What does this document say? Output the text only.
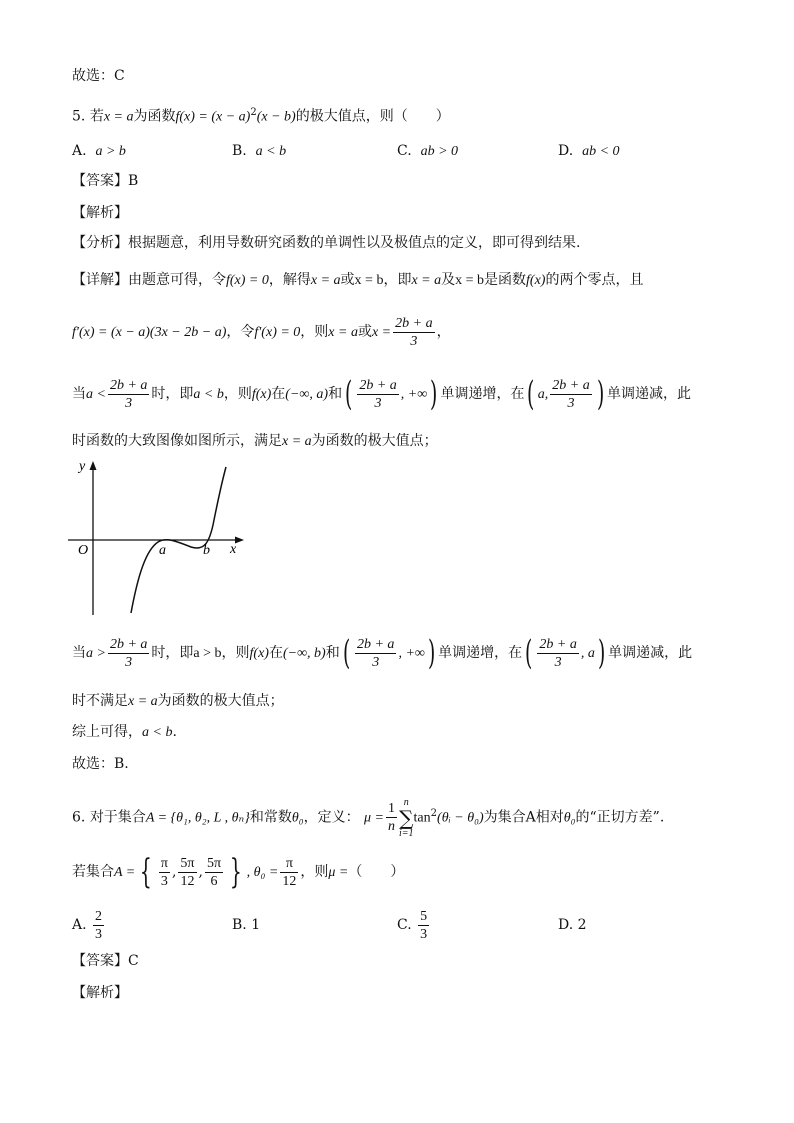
故选：C
5. 若x = a为函数$f(x) = (x - a)^2(x - b)$的极大值点，则（　　）
A. a > b	B. a < b	C. ab > 0	D. ab < 0
【答案】B
【解析】
【分析】根据题意，利用导数研究函数的单调性以及极值点的定义，即可得到结果.
【详解】由题意可得，令f(x) = 0，解得x = a或x = b，即x = a及x = b是函数f(x)的两个零点，且
f′(x) = (x − a)(3x − 2b − a)，令f′(x) = 0，则x = a或$x = \frac{2b + a}{3}$ ，
当$a < \frac{2b + a}{3}$ 时，即a < b，则f(x)在(−∞, a)和( $\frac{2b + a}{3}$ , +∞) 单调递增，在( a, $\frac{2b + a}{3}$ ) 单调递减，此
时函数的大致图像如图所示，满足x = a为函数的极大值点；
y
x
O	a	b
当$a > \frac{2b + a}{3}$ 时，即a > b，则f(x)在(−∞, b)和( $\frac{2b + a}{3}$ , +∞) 单调递增，在( $\frac{2b + a}{3}$ , a) 单调递减，此
时不满足x = a为函数的极大值点；
综上可得，a < b.
故选：B.
6. 对于集合A = {θ₁, θ₂, L , θₙ}和常数θ₀，定义： $\mu = \frac{1}{n}$ n
∑
i=1
$\tan^2(\theta ᵢ - \theta_0)$为集合A相对θ₀的“正切方差”.
若集合A = { $\frac{\pi}{3}$ , $\frac{5\pi}{12}$ , $\frac{5\pi}{6}$ } , $\theta_0 = \frac{\pi}{12}$ ，则μ =（　　）
A. $\frac{2}{3}$	B. 1	C. $\frac{5}{3}$	D. 2
【答案】C
【解析】
